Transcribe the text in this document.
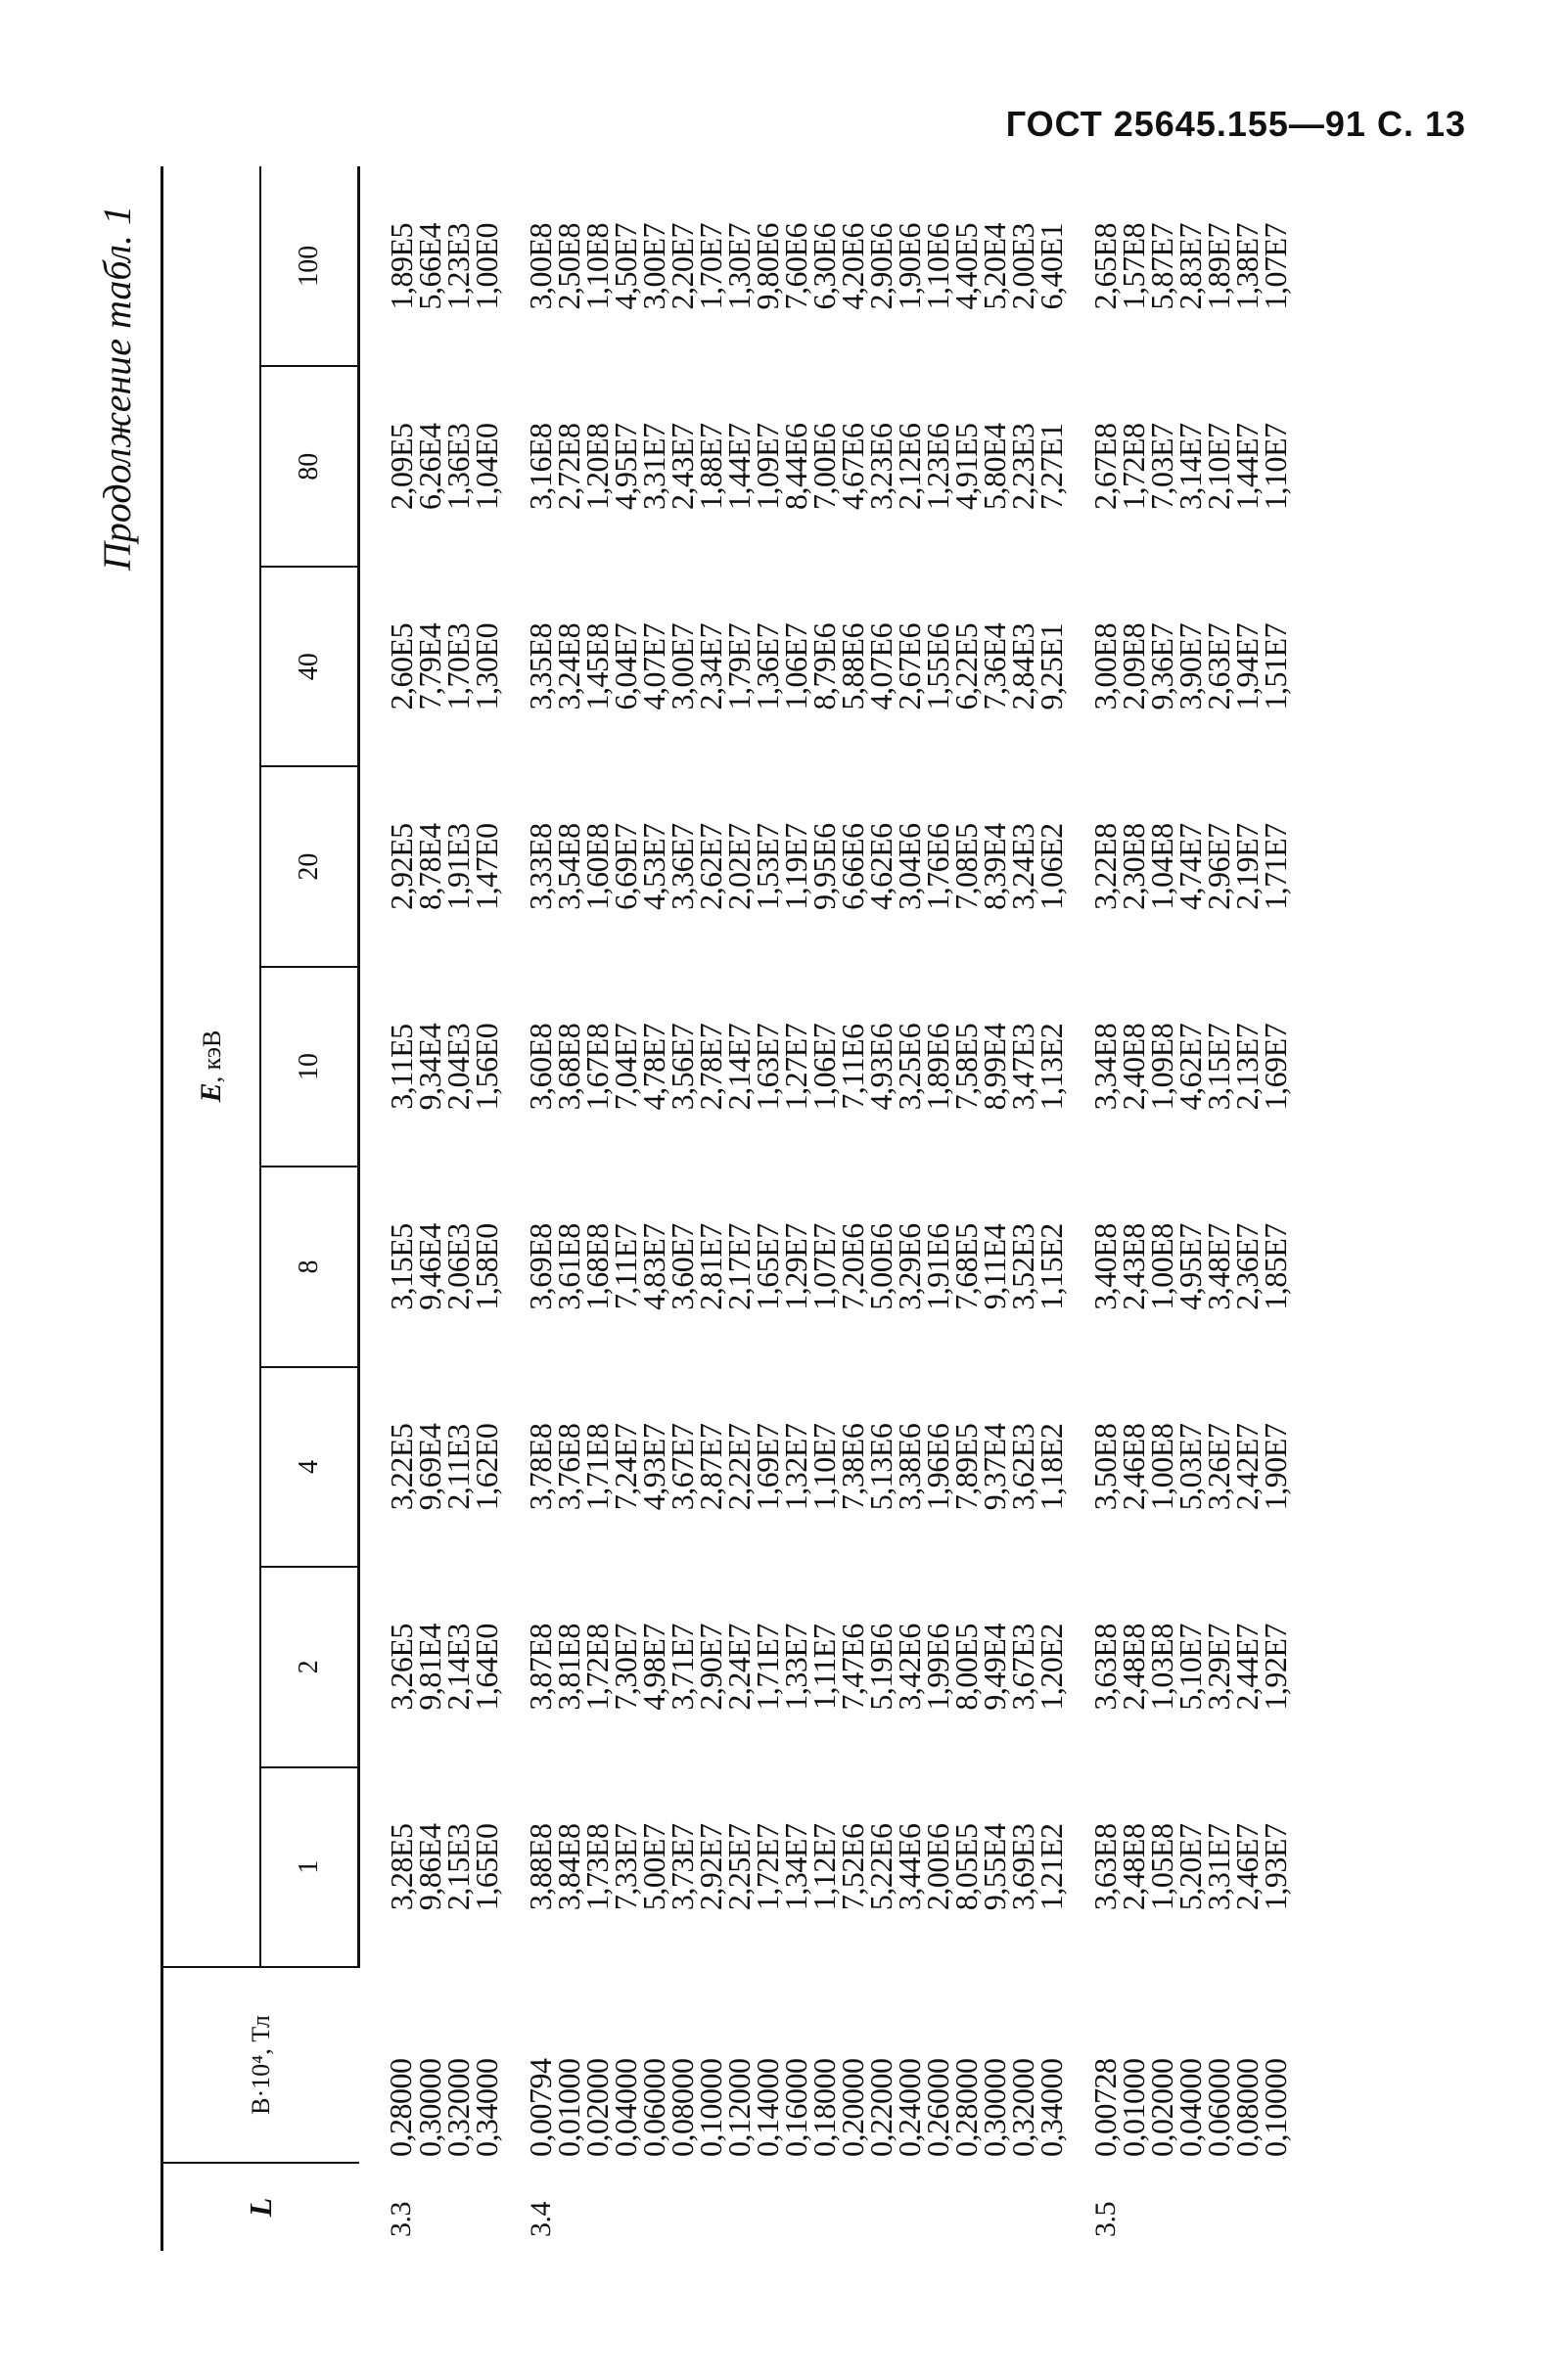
ГОСТ 25645.155—91 С. 13
Продолжение табл. 1
L	B·10⁴, Тл	E, кэВ								
		1	2	4	8	10	20	40	80	100
3.3	0,28000	3,28E5	3,26E5	3,22E5	3,15E5	3,11E5	2,92E5	2,60E5	2,09E5	1,89E5
	0,30000	9,86E4	9,81E4	9,69E4	9,46E4	9,34E4	8,78E4	7,79E4	6,26E4	5,66E4
	0,32000	2,15E3	2,14E3	2,11E3	2,06E3	2,04E3	1,91E3	1,70E3	1,36E3	1,23E3
	0,34000	1,65E0	1,64E0	1,62E0	1,58E0	1,56E0	1,47E0	1,30E0	1,04E0	1,00E0
3.4	0,00794	3,88E8	3,87E8	3,78E8	3,69E8	3,60E8	3,33E8	3,35E8	3,16E8	3,00E8
	0,01000	3,84E8	3,81E8	3,76E8	3,61E8	3,68E8	3,54E8	3,24E8	2,72E8	2,50E8
	0,02000	1,73E8	1,72E8	1,71E8	1,68E8	1,67E8	1,60E8	1,45E8	1,20E8	1,10E8
	0,04000	7,33E7	7,30E7	7,24E7	7,11E7	7,04E7	6,69E7	6,04E7	4,95E7	4,50E7
	0,06000	5,00E7	4,98E7	4,93E7	4,83E7	4,78E7	4,53E7	4,07E7	3,31E7	3,00E7
	0,08000	3,73E7	3,71E7	3,67E7	3,60E7	3,56E7	3,36E7	3,00E7	2,43E7	2,20E7
	0,10000	2,92E7	2,90E7	2,87E7	2,81E7	2,78E7	2,62E7	2,34E7	1,88E7	1,70E7
	0,12000	2,25E7	2,24E7	2,22E7	2,17E7	2,14E7	2,02E7	1,79E7	1,44E7	1,30E7
	0,14000	1,72E7	1,71E7	1,69E7	1,65E7	1,63E7	1,53E7	1,36E7	1,09E7	9,80E6
	0,16000	1,34E7	1,33E7	1,32E7	1,29E7	1,27E7	1,19E7	1,06E7	8,44E6	7,60E6
	0,18000	1,12E7	1,11E7	1,10E7	1,07E7	1,06E7	9,95E6	8,79E6	7,00E6	6,30E6
	0,20000	7,52E6	7,47E6	7,38E6	7,20E6	7,11E6	6,66E6	5,88E6	4,67E6	4,20E6
	0,22000	5,22E6	5,19E6	5,13E6	5,00E6	4,93E6	4,62E6	4,07E6	3,23E6	2,90E6
	0,24000	3,44E6	3,42E6	3,38E6	3,29E6	3,25E6	3,04E6	2,67E6	2,12E6	1,90E6
	0,26000	2,00E6	1,99E6	1,96E6	1,91E6	1,89E6	1,76E6	1,55E6	1,23E6	1,10E6
	0,28000	8,05E5	8,00E5	7,89E5	7,68E5	7,58E5	7,08E5	6,22E5	4,91E5	4,40E5
	0,30000	9,55E4	9,49E4	9,37E4	9,11E4	8,99E4	8,39E4	7,36E4	5,80E4	5,20E4
	0,32000	3,69E3	3,67E3	3,62E3	3,52E3	3,47E3	3,24E3	2,84E3	2,23E3	2,00E3
	0,34000	1,21E2	1,20E2	1,18E2	1,15E2	1,13E2	1,06E2	9,25E1	7,27E1	6,40E1
3.5	0,00728	3,63E8	3,63E8	3,50E8	3,40E8	3,34E8	3,22E8	3,00E8	2,67E8	2,65E8
	0,01000	2,48E8	2,48E8	2,46E8	2,43E8	2,40E8	2,30E8	2,09E8	1,72E8	1,57E8
	0,02000	1,05E8	1,03E8	1,00E8	1,00E8	1,09E8	1,04E8	9,36E7	7,03E7	5,87E7
	0,04000	5,20E7	5,10E7	5,03E7	4,95E7	4,62E7	4,74E7	3,90E7	3,14E7	2,83E7
	0,06000	3,31E7	3,29E7	3,26E7	3,48E7	3,15E7	2,96E7	2,63E7	2,10E7	1,89E7
	0,08000	2,46E7	2,44E7	2,42E7	2,36E7	2,13E7	2,19E7	1,94E7	1,44E7	1,38E7
	0,10000	1,93E7	1,92E7	1,90E7	1,85E7	1,69E7	1,71E7	1,51E7	1,10E7	1,07E7
